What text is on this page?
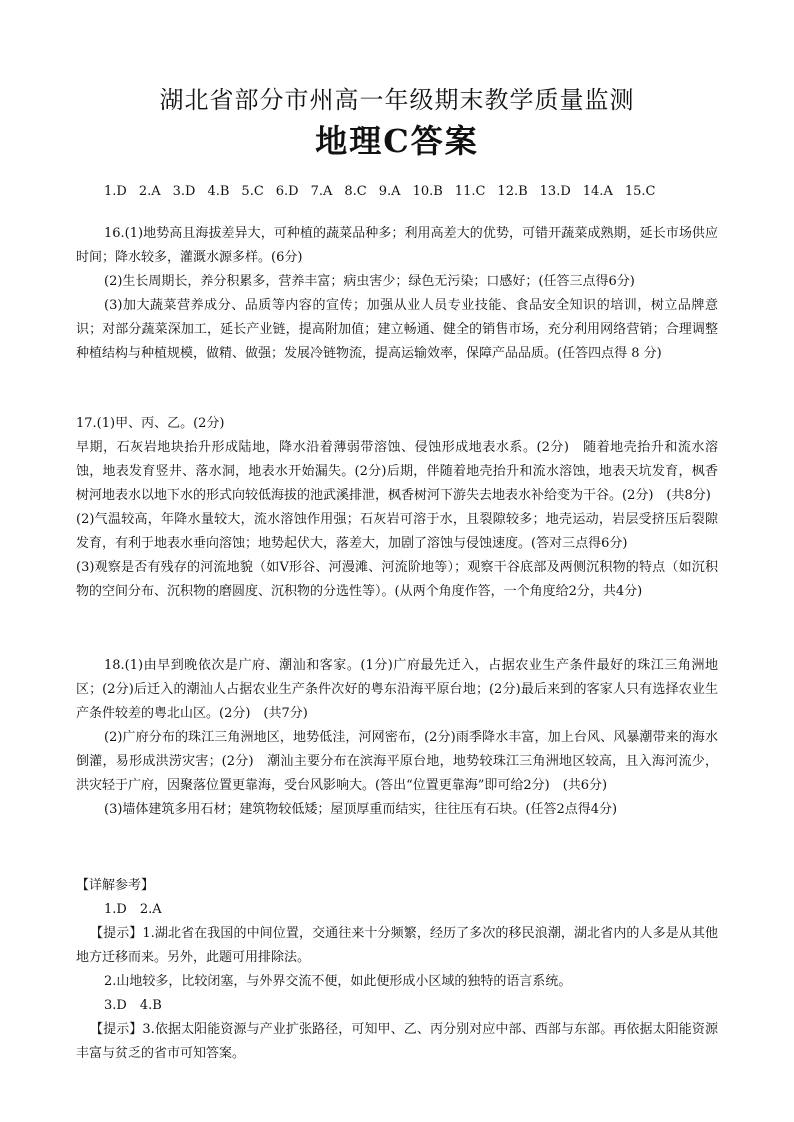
湖北省部分市州高一年级期末教学质量监测
地理C答案
1.D 2.A 3.D 4.B 5.C 6.D 7.A 8.C 9.A 10.B 11.C 12.B 13.D 14.A 15.C

16.(1)地势高且海拔差异大，可种植的蔬菜品种多；利用高差大的优势，可错开蔬菜成熟期，延长市场供应时间；降水较多，灌溉水源多样。(6分)

(2)生长周期长，养分积累多，营养丰富；病虫害少；绿色无污染；口感好；(任答三点得6分)

(3)加大蔬菜营养成分、品质等内容的宣传；加强从业人员专业技能、食品安全知识的培训，树立品牌意识；对部分蔬菜深加工，延长产业链，提高附加值；建立畅通、健全的销售市场，充分利用网络营销；合理调整种植结构与种植规模，做精、做强；发展冷链物流，提高运输效率，保障产品品质。(任答四点得 8 分)

17.(1)甲、丙、乙。(2分)

早期，石灰岩地块抬升形成陆地，降水沿着薄弱带溶蚀、侵蚀形成地表水系。(2分)　随着地壳抬升和流水溶蚀，地表发育竖井、落水洞，地表水开始漏失。(2分)后期，伴随着地壳抬升和流水溶蚀，地表天坑发育，枫香树河地表水以地下水的形式向较低海拔的池武溪排泄，枫香树河下游失去地表水补给变为干谷。(2分)　(共8分)

(2)气温较高，年降水量较大，流水溶蚀作用强；石灰岩可溶于水，且裂隙较多；地壳运动，岩层受挤压后裂隙发育，有利于地表水垂向溶蚀；地势起伏大，落差大，加剧了溶蚀与侵蚀速度。(答对三点得6分)

(3)观察是否有残存的河流地貌（如V形谷、河漫滩、河流阶地等）；观察干谷底部及两侧沉积物的特点（如沉积物的空间分布、沉积物的磨圆度、沉积物的分选性等）。(从两个角度作答，一个角度给2分，共4分)

18.(1)由早到晚依次是广府、潮汕和客家。(1分)广府最先迁入，占据农业生产条件最好的珠江三角洲地区；(2分)后迁入的潮汕人占据农业生产条件次好的粤东沿海平原台地；(2分)最后来到的客家人只有选择农业生产条件较差的粤北山区。(2分)　(共7分)

(2)广府分布的珠江三角洲地区，地势低洼，河网密布，(2分)雨季降水丰富，加上台风、风暴潮带来的海水倒灌，易形成洪涝灾害；(2分)　潮汕主要分布在滨海平原台地，地势较珠江三角洲地区较高，且入海河流少，洪灾轻于广府，因聚落位置更靠海，受台风影响大。(答出“位置更靠海”即可给2分)　(共6分)

(3)墙体建筑多用石材；建筑物较低矮；屋顶厚重而结实，往往压有石块。(任答2点得4分)

【详解参考】

1.D　2.A

【提示】1.湖北省在我国的中间位置，交通往来十分频繁，经历了多次的移民浪潮，湖北省内的人多是从其他地方迁移而来。另外，此题可用排除法。

2.山地较多，比较闭塞，与外界交流不便，如此便形成小区域的独特的语言系统。

3.D　4.B

【提示】3.依据太阳能资源与产业扩张路径，可知甲、乙、丙分别对应中部、西部与东部。再依据太阳能资源丰富与贫乏的省市可知答案。
